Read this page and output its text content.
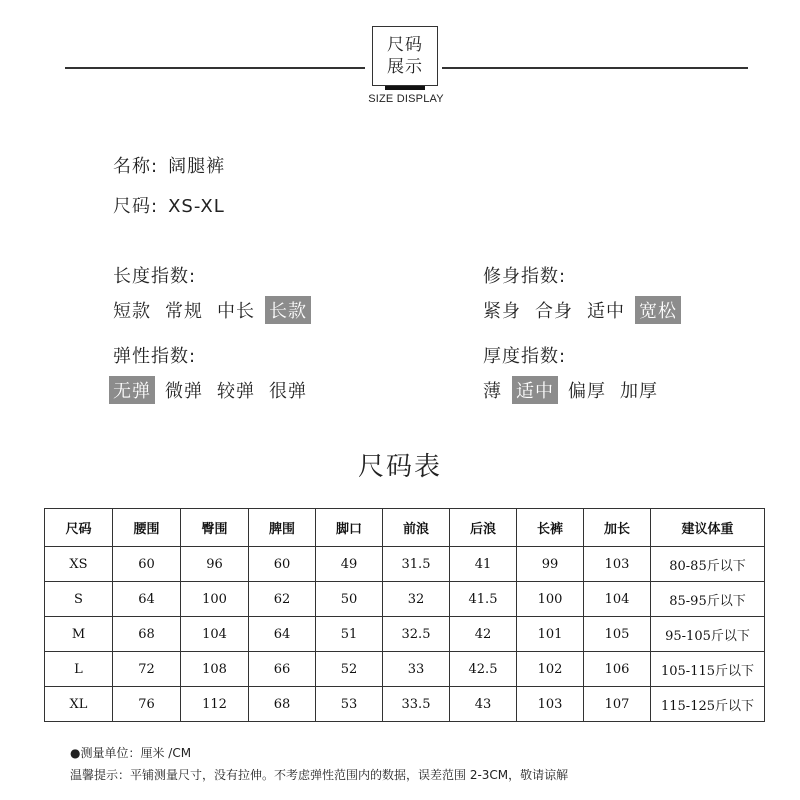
尺码
展示
SIZE DISPLAY
名称: 阔腿裤
尺码: XS-XL
长度指数:
短款 常规 中长 长款
修身指数:
紧身 合身 适中 宽松
弹性指数:
无弹 微弹 较弹 很弹
厚度指数:
薄 适中 偏厚 加厚
尺码表
尺码	腰围	臀围	脾围	脚口	前浪	后浪	长裤	加长	建议体重
XS	60	96	60	49	31.5	41	99	103	80-85斤以下
S	64	100	62	50	32	41.5	100	104	85-95斤以下
M	68	104	64	51	32.5	42	101	105	95-105斤以下
L	72	108	66	52	33	42.5	102	106	105-115斤以下
XL	76	112	68	53	33.5	43	103	107	115-125斤以下
●测量单位：厘米 /CM
温馨提示：平铺测量尺寸，没有拉伸。不考虑弹性范围内的数据，误差范围 2-3CM，敬请谅解
